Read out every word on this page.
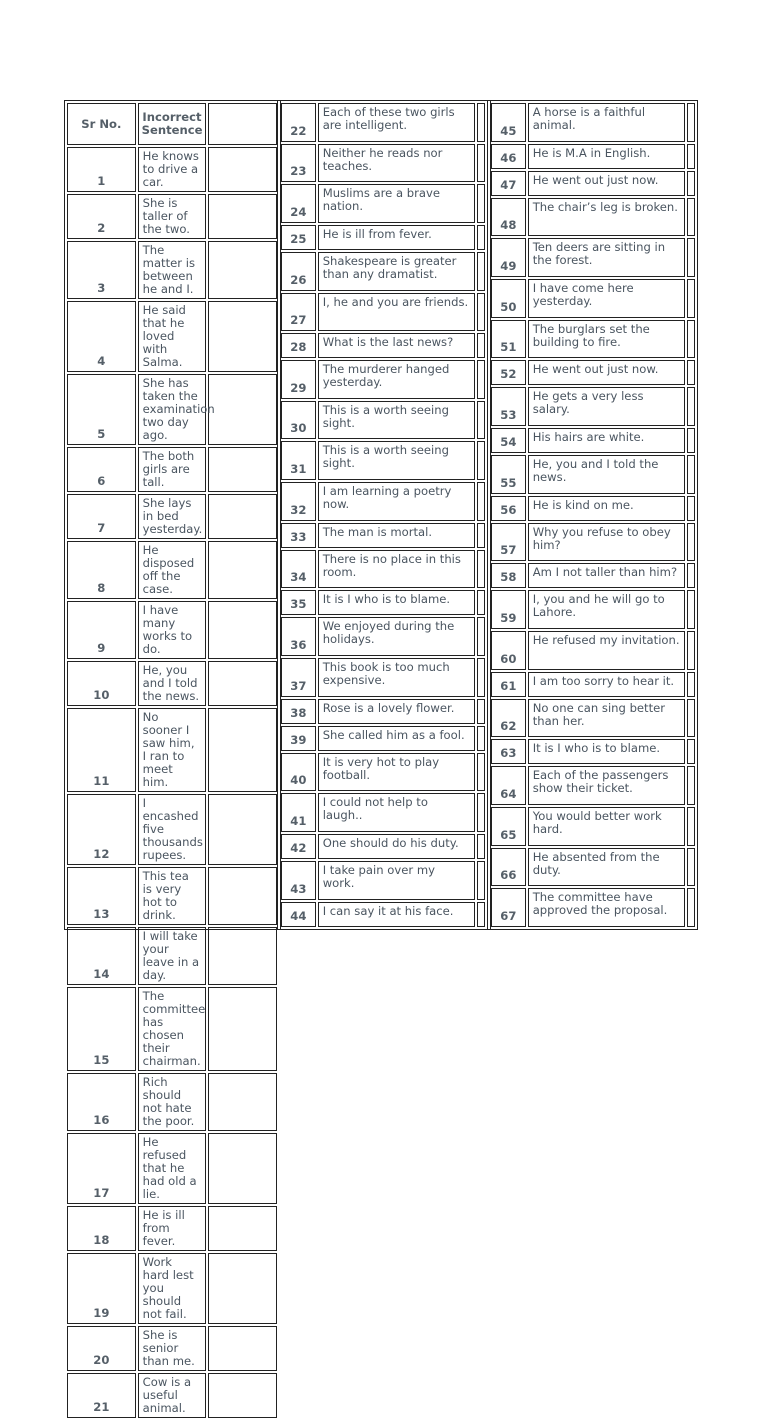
Sr No.	Incorrect Sentence	
1	He knows to drive a car.	
2	She is taller of the two.	
3	The matter is between he and I.	
4	He said that he loved with Salma.	
5	She has taken the examination two day ago.	
6	The both girls are tall.	
7	She lays in bed yesterday.	
8	He disposed off the case.	
9	I have many works to do.	
10	He, you and I told the news.	
11	No sooner I saw him, I ran to meet him.	
12	I encashed five thousands rupees.	
13	This tea is very hot to drink.	
14	I will take your leave in a day.	
15	The committee has chosen their chairman.	
16	Rich should not hate the poor.	
17	He refused that he had old a lie.	
18	He is ill from fever.	
19	Work hard lest you should not fail.	
20	She is senior than me.	
21	Cow is a useful animal.	
22	Each of these two girls are intelligent.	
23	Neither he reads nor teaches.	
24	Muslims are a brave nation.	
25	He is ill from fever.	
26	Shakespeare is greater than any dramatist.	
27	I, he and you are friends.	
28	What is the last news?	
29	The murderer hanged yesterday.	
30	This is a worth seeing sight.	
31	This is a worth seeing sight.	
32	I am learning a poetry now.	
33	The man is mortal.	
34	There is no place in this room.	
35	It is I who is to blame.	
36	We enjoyed during the holidays.	
37	This book is too much expensive.	
38	Rose is a lovely flower.	
39	She called him as a fool.	
40	It is very hot to play football.	
41	I could not help to laugh..	
42	One should do his duty.	
43	I take pain over my work.	
44	I can say it at his face.	
45	A horse is a faithful animal.	
46	He is M.A in English.	
47	He went out just now.	
48	The chair’s leg is broken.	
49	Ten deers are sitting in the forest.	
50	I have come here yesterday.	
51	The burglars set the building to fire.	
52	He went out just now.	
53	He gets a very less salary.	
54	His hairs are white.	
55	He, you and I told the news.	
56	He is kind on me.	
57	Why you refuse to obey him?	
58	Am I not taller than him?	
59	I, you and he will go to Lahore.	
60	He refused my invitation.	
61	I am too sorry to hear it.	
62	No one can sing better than her.	
63	It is I who is to blame.	
64	Each of the passengers show their ticket.	
65	You would better work hard.	
66	He absented from the duty.	
67	The committee have approved the proposal.	
